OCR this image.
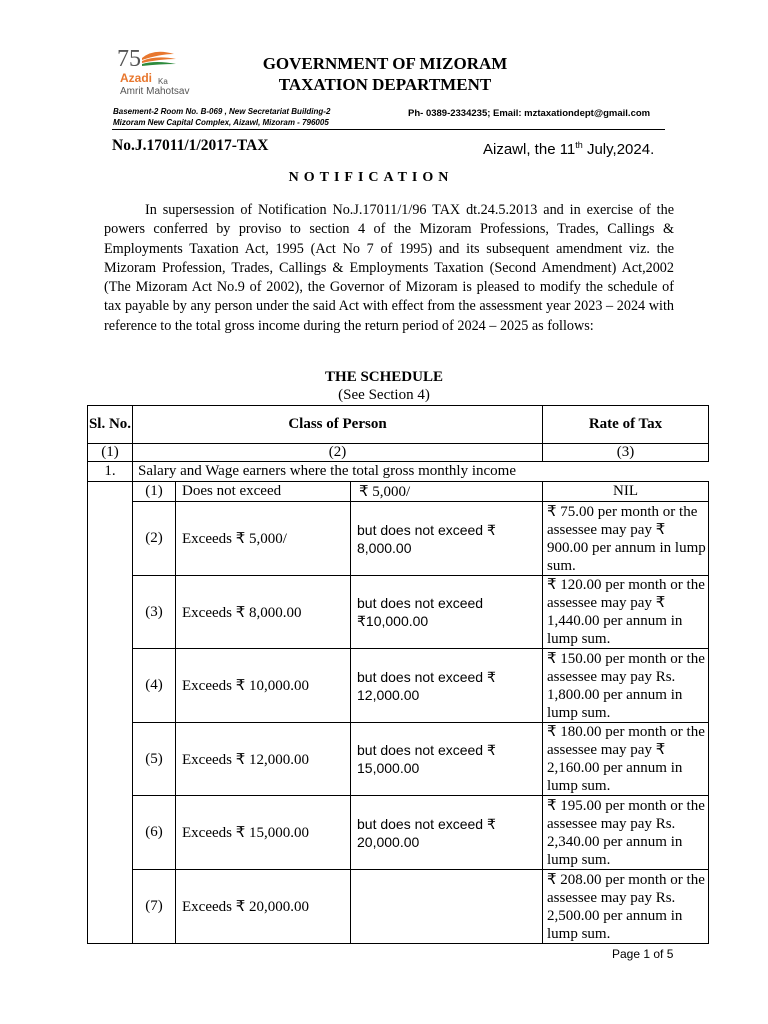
75
Azadi Ka
Amrit Mahotsav
GOVERNMENT OF MIZORAM
TAXATION DEPARTMENT
Basement-2 Room No. B-069 , New Secretariat Building-2
Mizoram New Capital Complex, Aizawl, Mizoram - 796005
Ph- 0389-2334235; Email: mztaxationdept@gmail.com
No.J.17011/1/2017-TAX	Aizawl, the 11th July,2024.
NOTIFICATION
In supersession of Notification No.J.17011/1/96 TAX dt.24.5.2013 and in exercise of the powers conferred by proviso to section 4 of the Mizoram Professions, Trades, Callings & Employments Taxation Act, 1995 (Act No 7 of 1995) and its subsequent amendment viz. the Mizoram Profession, Trades, Callings & Employments Taxation (Second Amendment) Act,2002 (The Mizoram Act No.9 of 2002), the Governor of Mizoram is pleased to modify the schedule of tax payable by any person under the said Act with effect from the assessment year 2023 – 2024 with reference to the total gross income during the return period of 2024 – 2025 as follows:
THE SCHEDULE
(See Section 4)
Sl. No.	Class of Person			Rate of Tax
(1)	(2)			(3)
1.	Salary and Wage earners where the total gross monthly income			
	(1)	Does not exceed	₹ 5,000/	NIL
	(2)	Exceeds ₹ 5,000/	but does not exceed ₹ 8,000.00	₹ 75.00 per month or the assessee may pay ₹ 900.00 per annum in lump sum.
	(3)	Exceeds ₹ 8,000.00	but does not exceed ₹10,000.00	₹ 120.00 per month or the assessee may pay ₹ 1,440.00 per annum in lump sum.
	(4)	Exceeds ₹ 10,000.00	but does not exceed ₹ 12,000.00	₹ 150.00 per month or the assessee may pay Rs. 1,800.00 per annum in lump sum.
	(5)	Exceeds ₹ 12,000.00	but does not exceed ₹ 15,000.00	₹ 180.00 per month or the assessee may pay ₹ 2,160.00 per annum in lump sum.
	(6)	Exceeds ₹ 15,000.00	but does not exceed ₹ 20,000.00	₹ 195.00 per month or the assessee may pay Rs. 2,340.00 per annum in lump sum.
	(7)	Exceeds ₹ 20,000.00		₹ 208.00 per month or the assessee may pay Rs. 2,500.00 per annum in lump sum.
Page 1 of 5
